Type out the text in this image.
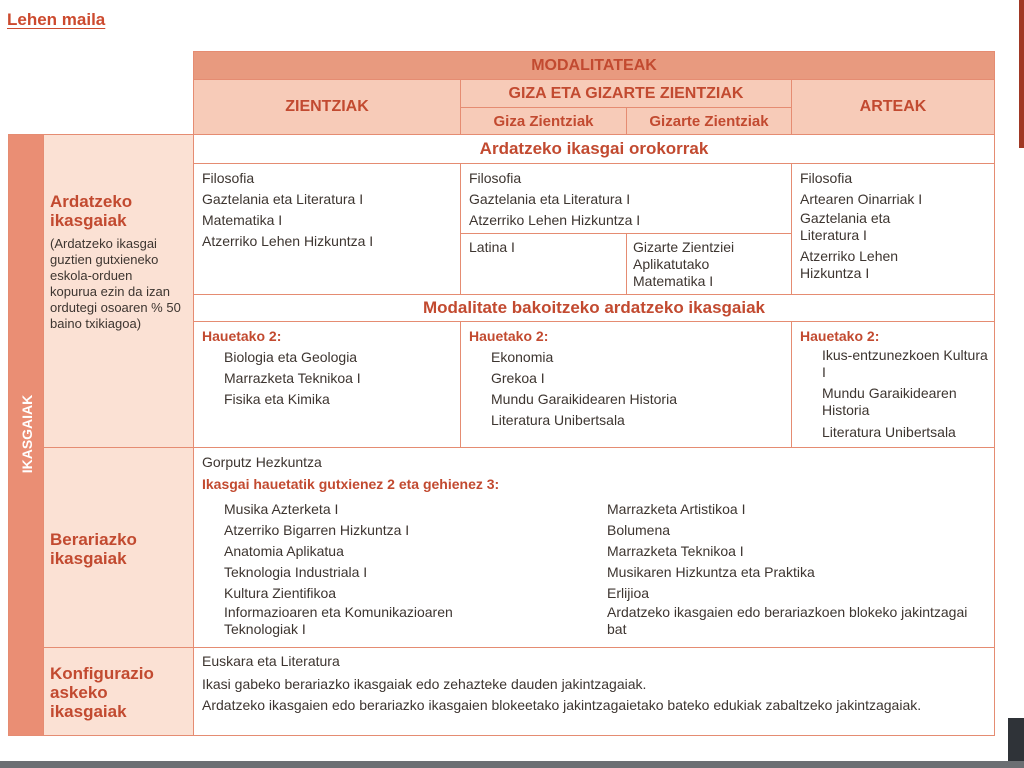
Lehen maila
MODALITATEAK
ZIENTZIAK
GIZA ETA GIZARTE ZIENTZIAK
Giza Zientziak	Gizarte Zientziak
ARTEAK
IKASGAIAK
Ardatzeko
ikasgaiak
(Ardatzeko ikasgai guztien gutxieneko eskola-orduen kopurua ezin da izan ordutegi osoaren % 50 baino txikiagoa)
Berariazko
ikasgaiak
Konfigurazio
askeko
ikasgaiak
Ardatzeko ikasgai orokorrak
Filosofia
Gaztelania eta Literatura I
Matematika I
Atzerriko Lehen Hizkuntza I
Filosofia
Gaztelania eta Literatura I
Atzerriko Lehen Hizkuntza I
Latina I	Gizarte Zientziei Aplikatutako Matematika I
Filosofia
Artearen Oinarriak I
Gaztelania eta Literatura I
Atzerriko Lehen Hizkuntza I
Modalitate bakoitzeko ardatzeko ikasgaiak
Hauetako 2:
Biologia eta Geologia
Marrazketa Teknikoa I
Fisika eta Kimika
Hauetako 2:
Ekonomia
Grekoa I
Mundu Garaikidearen Historia
Literatura Unibertsala
Hauetako 2:
Ikus-entzunezkoen Kultura I
Mundu Garaikidearen Historia
Literatura Unibertsala
Gorputz Hezkuntza
Ikasgai hauetatik gutxienez 2 eta gehienez 3:
Musika Azterketa I
Atzerriko Bigarren Hizkuntza I
Anatomia Aplikatua
Teknologia Industriala I
Kultura Zientifikoa
Informazioaren eta Komunikazioaren Teknologiak I
Marrazketa Artistikoa I
Bolumena
Marrazketa Teknikoa I
Musikaren Hizkuntza eta Praktika
Erlijioa
Ardatzeko ikasgaien edo berariazkoen blokeko jakintzagai bat
Euskara eta Literatura
Ikasi gabeko berariazko ikasgaiak edo zehazteke dauden jakintzagaiak.
Ardatzeko ikasgaien edo berariazko ikasgaien blokeetako jakintzagaietako bateko edukiak zabaltzeko jakintzagaiak.
